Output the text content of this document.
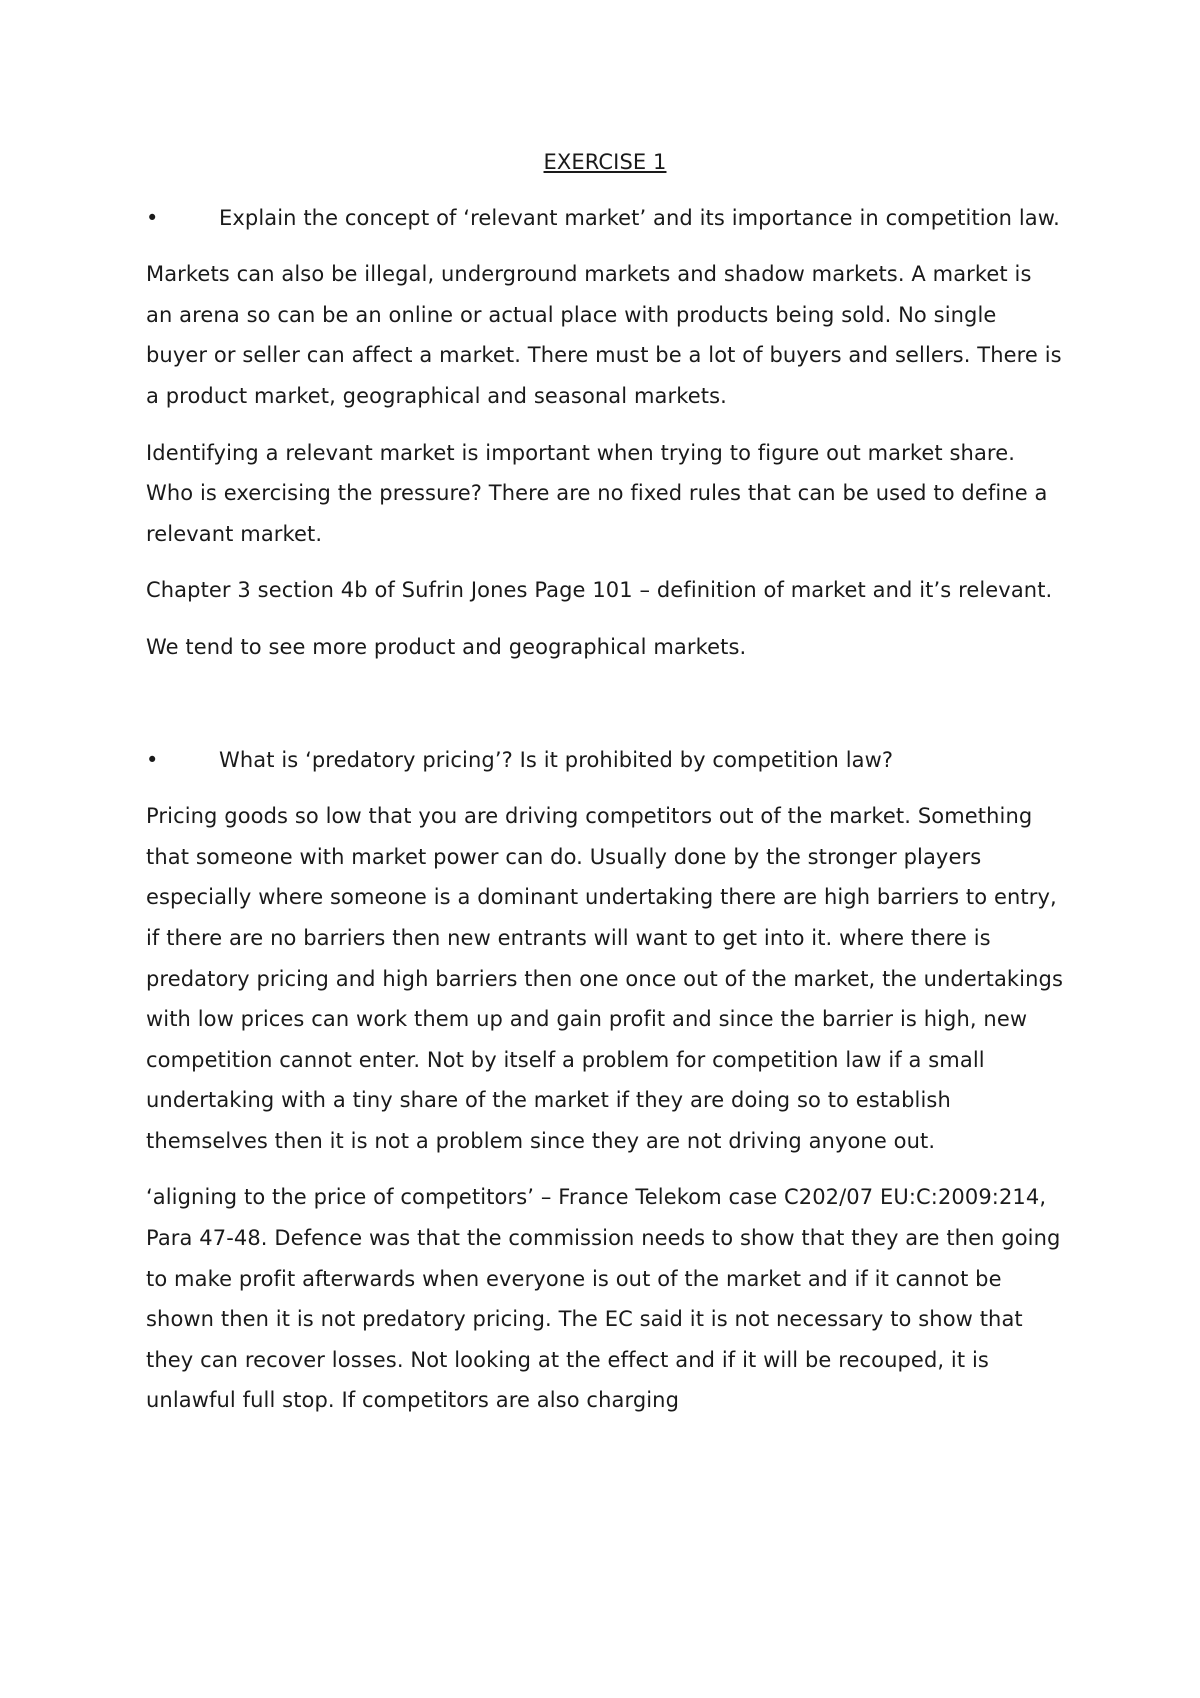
EXERCISE 1
•	Explain the concept of ‘relevant market’ and its importance in competition law.

Markets can also be illegal, underground markets and shadow markets. A market is an arena so can be an online or actual place with products being sold. No single buyer or seller can affect a market. There must be a lot of buyers and sellers. There is a product market, geographical and seasonal markets.

Identifying a relevant market is important when trying to figure out market share. Who is exercising the pressure? There are no fixed rules that can be used to define a relevant market.

Chapter 3 section 4b of Sufrin Jones Page 101 – definition of market and it’s relevant.

We tend to see more product and geographical markets.

•	What is ‘predatory pricing’? Is it prohibited by competition law?

Pricing goods so low that you are driving competitors out of the market. Something that someone with market power can do. Usually done by the stronger players especially where someone is a dominant undertaking there are high barriers to entry, if there are no barriers then new entrants will want to get into it. where there is predatory pricing and high barriers then one once out of the market, the undertakings with low prices can work them up and gain profit and since the barrier is high, new competition cannot enter. Not by itself a problem for competition law if a small undertaking with a tiny share of the market if they are doing so to establish themselves then it is not a problem since they are not driving anyone out.

‘aligning to the price of competitors’ – France Telekom case C202/07 EU:C:2009:214, Para 47-48. Defence was that the commission needs to show that they are then going to make profit afterwards when everyone is out of the market and if it cannot be shown then it is not predatory pricing. The EC said it is not necessary to show that they can recover losses. Not looking at the effect and if it will be recouped, it is unlawful full stop. If competitors are also charging
